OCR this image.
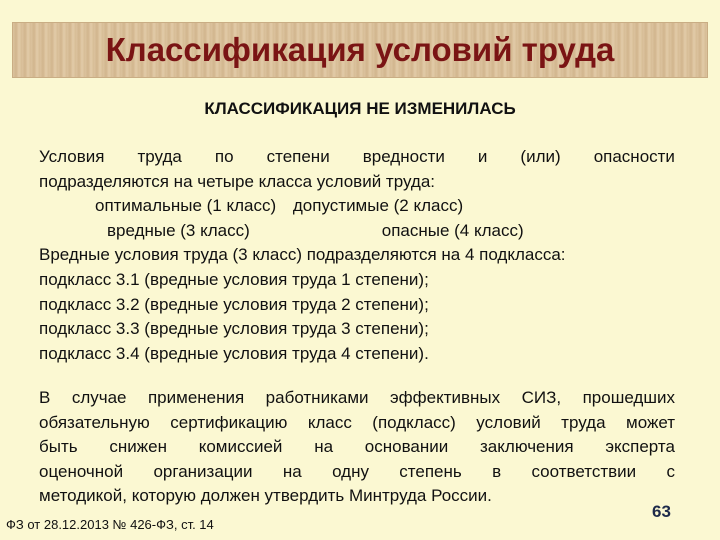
Классификация условий труда
КЛАССИФИКАЦИЯ НЕ ИЗМЕНИЛАСЬ
Условия труда по степени вредности и (или) опасности
подразделяются на четыре класса условий труда:
оптимальные (1 класс) допустимые (2 класс)
вредные (3 класс)	опасные (4 класс)
Вредные условия труда (3 класс) подразделяются на 4 подкласса:
подкласс 3.1 (вредные условия труда 1 степени);
подкласс 3.2 (вредные условия труда 2 степени);
подкласс 3.3 (вредные условия труда 3 степени);
подкласс 3.4 (вредные условия труда 4 степени).
В случае применения работниками эффективных СИЗ, прошедших
обязательную сертификацию класс (подкласс) условий труда может
быть снижен комиссией на основании заключения эксперта
оценочной организации на одну степень в соответствии с
методикой, которую должен утвердить Минтруда России.
ФЗ от 28.12.2013 № 426-ФЗ, ст. 14
63
